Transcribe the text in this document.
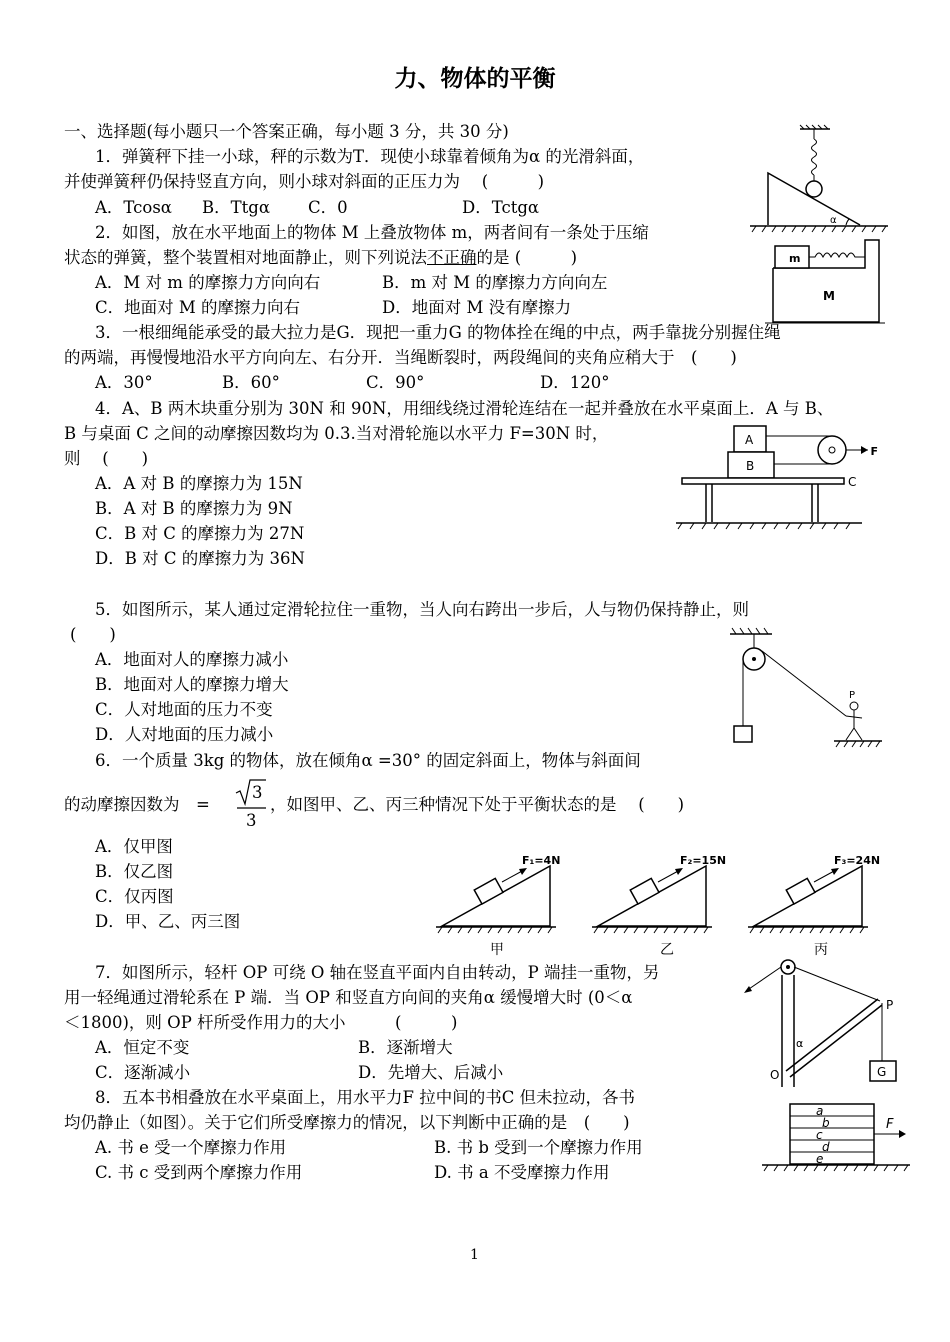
力、物体的平衡
一、选择题(每小题只一个答案正确，每小题 3 分，共 30 分)
1．弹簧秤下挂一小球，秤的示数为T．现使小球靠着倾角为α 的光滑斜面，
并使弹簧秤仍保持竖直方向，则小球对斜面的正压力为　 (　　　)
A．Tcosα B．Ttgα C．0	D．Tctgα
α
2．如图，放在水平地面上的物体 M 上叠放物体 m，两者间有一条处于压缩
状态的弹簧，整个装置相对地面静止，则下列说法不正确的是 (　　　)
A．M 对 m 的摩擦力方向向右	B．m 对 M 的摩擦力方向向左
C．地面对 M 的摩擦力向右	D．地面对 M 没有摩擦力
m
M
3．一根细绳能承受的最大拉力是G．现把一重力G 的物体拴在绳的中点，两手靠拢分别握住绳
的两端，再慢慢地沿水平方向向左、右分开．当绳断裂时，两段绳间的夹角应稍大于　(　　)
A．30°	B．60°	C．90°	D．120°
4．A、B 两木块重分别为 30N 和 90N，用细线绕过滑轮连结在一起并叠放在水平桌面上．A 与 B、
B 与桌面 C 之间的动摩擦因数均为 0.3.当对滑轮施以水平力 F=30N 时，
则　 (　　)
A．A 对 B 的摩擦力为 15N
B．A 对 B 的摩擦力为 9N
C．B 对 C 的摩擦力为 27N
D．B 对 C 的摩擦力为 36N
A
B
F
C
5．如图所示，某人通过定滑轮拉住一重物，当人向右跨出一步后，人与物仍保持静止，则
(　　)
A．地面对人的摩擦力减小
B．地面对人的摩擦力增大
C．人对地面的压力不变
D．人对地面的压力减小
P
6．一个质量 3kg 的物体，放在倾角α =30° 的固定斜面上，物体与斜面间
的动摩擦因数为　=
3
3
，如图甲、乙、丙三种情况下处于平衡状态的是　 (　　)
A．仅甲图
B．仅乙图
C．仅丙图
D．甲、乙、丙三图
F₁=4N
甲
F₂=15N
乙
F₃=24N
丙
7．如图所示，轻杆 OP 可绕 O 轴在竖直平面内自由转动，P 端挂一重物，另
用一轻绳通过滑轮系在 P 端．当 OP 和竖直方向间的夹角α 缓慢增大时 (0＜α
＜1800)，则 OP 杆所受作用力的大小　　　(　　　)
A．恒定不变	B．逐渐增大
C．逐渐减小	D．先增大、后减小
P
G
α
O
8．五本书相叠放在水平桌面上，用水平力F 拉中间的书C 但未拉动，各书
均仍静止（如图）。关于它们所受摩擦力的情况，以下判断中正确的是　(　　)
A. 书 e 受一个摩擦力作用	B. 书 b 受到一个摩擦力作用
C. 书 c 受到两个摩擦力作用	D. 书 a 不受摩擦力作用
a
b
c
d
e
F
1
